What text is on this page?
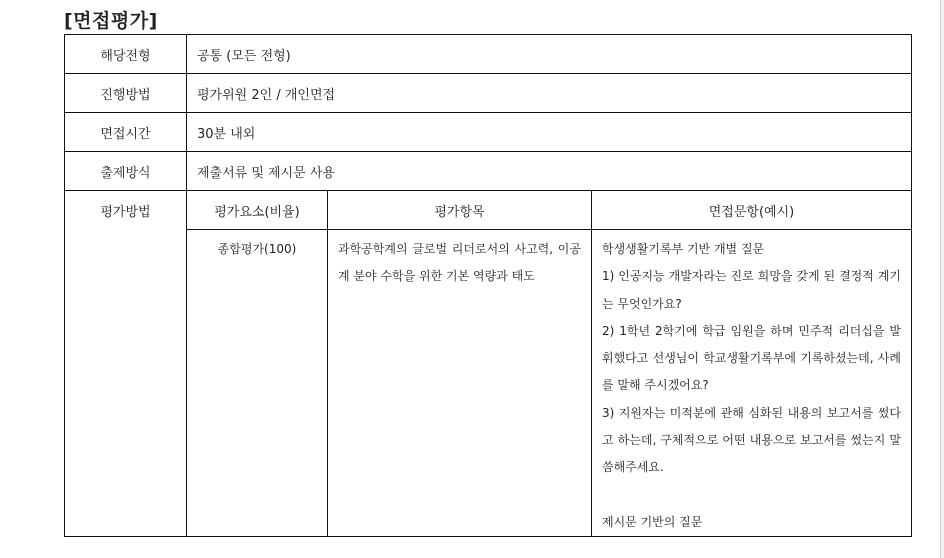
[면접평가]
해당전형	공통 (모든 전형)		
진행방법	평가위원 2인 / 개인면접		
면접시간	30분 내외		
출제방식	제출서류 및 제시문 사용		
평가방법	평가요소(비율)	평가항목	면접문항(예시)
	종합평가(100)	과학공학계의 글로벌 리더로서의 사고력, 이공계 분야 수학을 위한 기본 역량과 태도	학생생활기록부 기반 개별 질문

1) 인공지능 개발자라는 진로 희망을 갖게 된 결정적 계기는 무엇인가요?

2) 1학년 2학기에 학급 임원을 하며 민주적 리더십을 발휘했다고 선생님이 학교생활기록부에 기록하셨는데, 사례를 말해 주시겠어요?

3) 지원자는 미적분에 관해 심화된 내용의 보고서를 썼다고 하는데, 구체적으로 어떤 내용으로 보고서를 썼는지 말씀해주세요.

제시문 기반의 질문
